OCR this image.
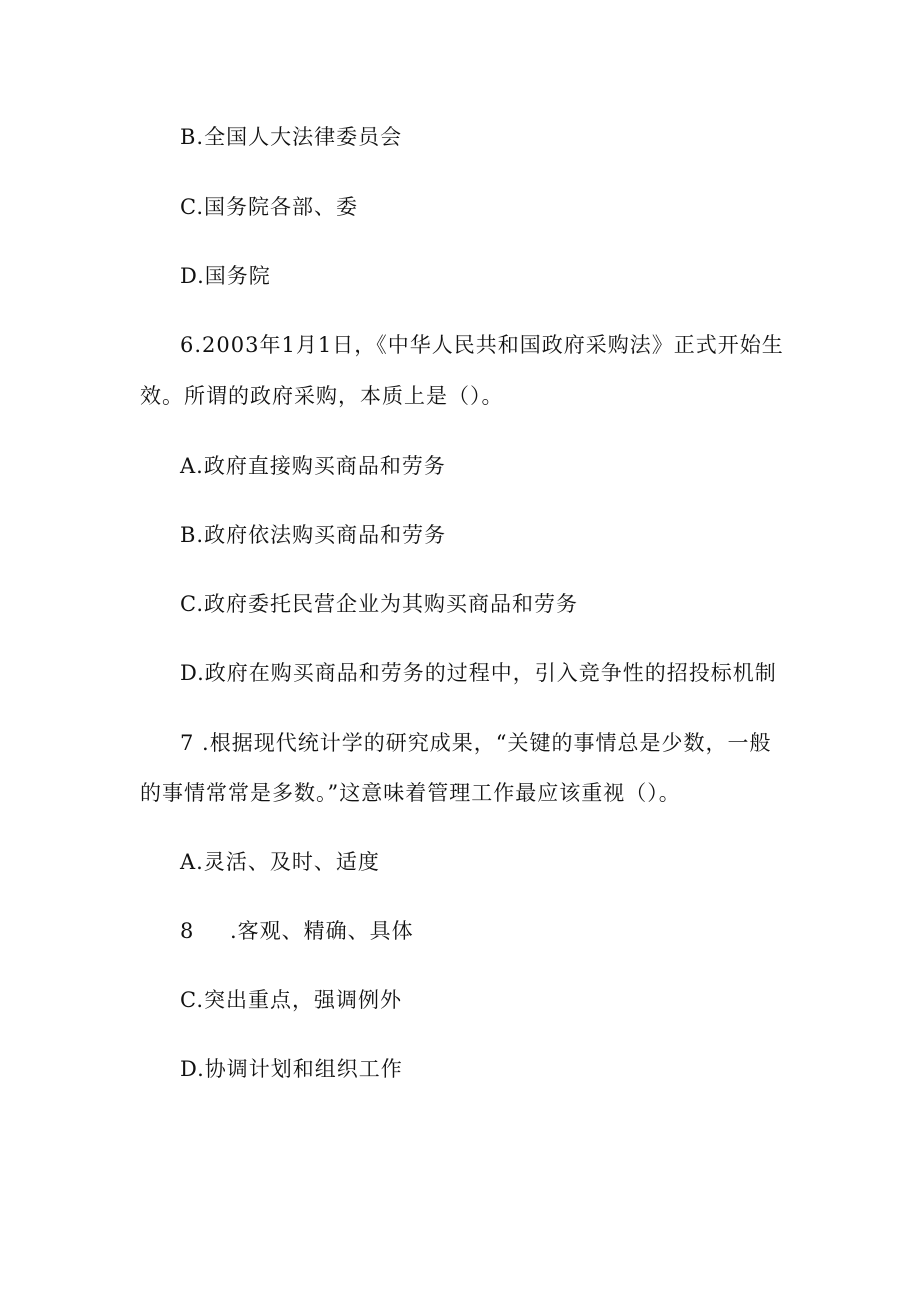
B.全国人大法律委员会
C.国务院各部、委
D.国务院
6.2003年1月1日，《中华人民共和国政府采购法》正式开始生
效。所谓的政府采购，本质上是（）。
A.政府直接购买商品和劳务
B.政府依法购买商品和劳务
C.政府委托民营企业为其购买商品和劳务
D.政府在购买商品和劳务的过程中，引入竞争性的招投标机制
7 .根据现代统计学的研究成果，“关键的事情总是少数，一般
的事情常常是多数。”这意味着管理工作最应该重视（）。
A.灵活、及时、适度
8 .客观、精确、具体
C.突出重点，强调例外
D.协调计划和组织工作
